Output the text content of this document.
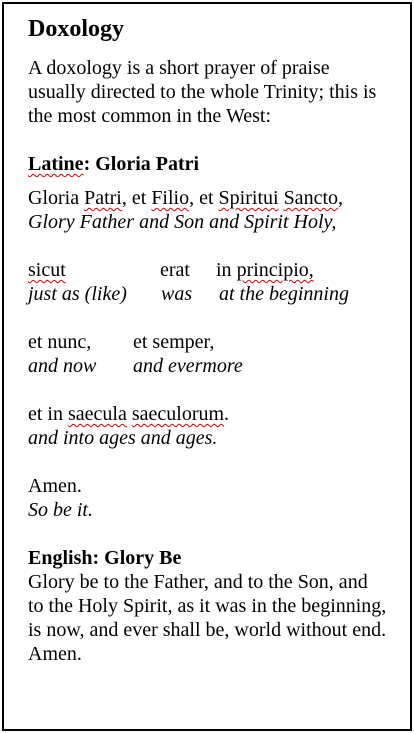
Doxology

A doxology is a short prayer of praise usually directed to the whole Trinity; this is the most common in the West:

Latine: Gloria Patri
Gloria Patri, et Filio, et Spiritui Sancto,
Glory Father and Son and Spirit Holy,
sicut	erat	in principio,
just as (like)	was	at the beginning
et nunc,	et semper,
and now	and evermore
et in saecula saeculorum.
and into ages and ages.
Amen.
So be it.
English: Glory Be

Glory be to the Father, and to the Son, and to the Holy Spirit, as it was in the beginning, is now, and ever shall be, world without end. Amen.
